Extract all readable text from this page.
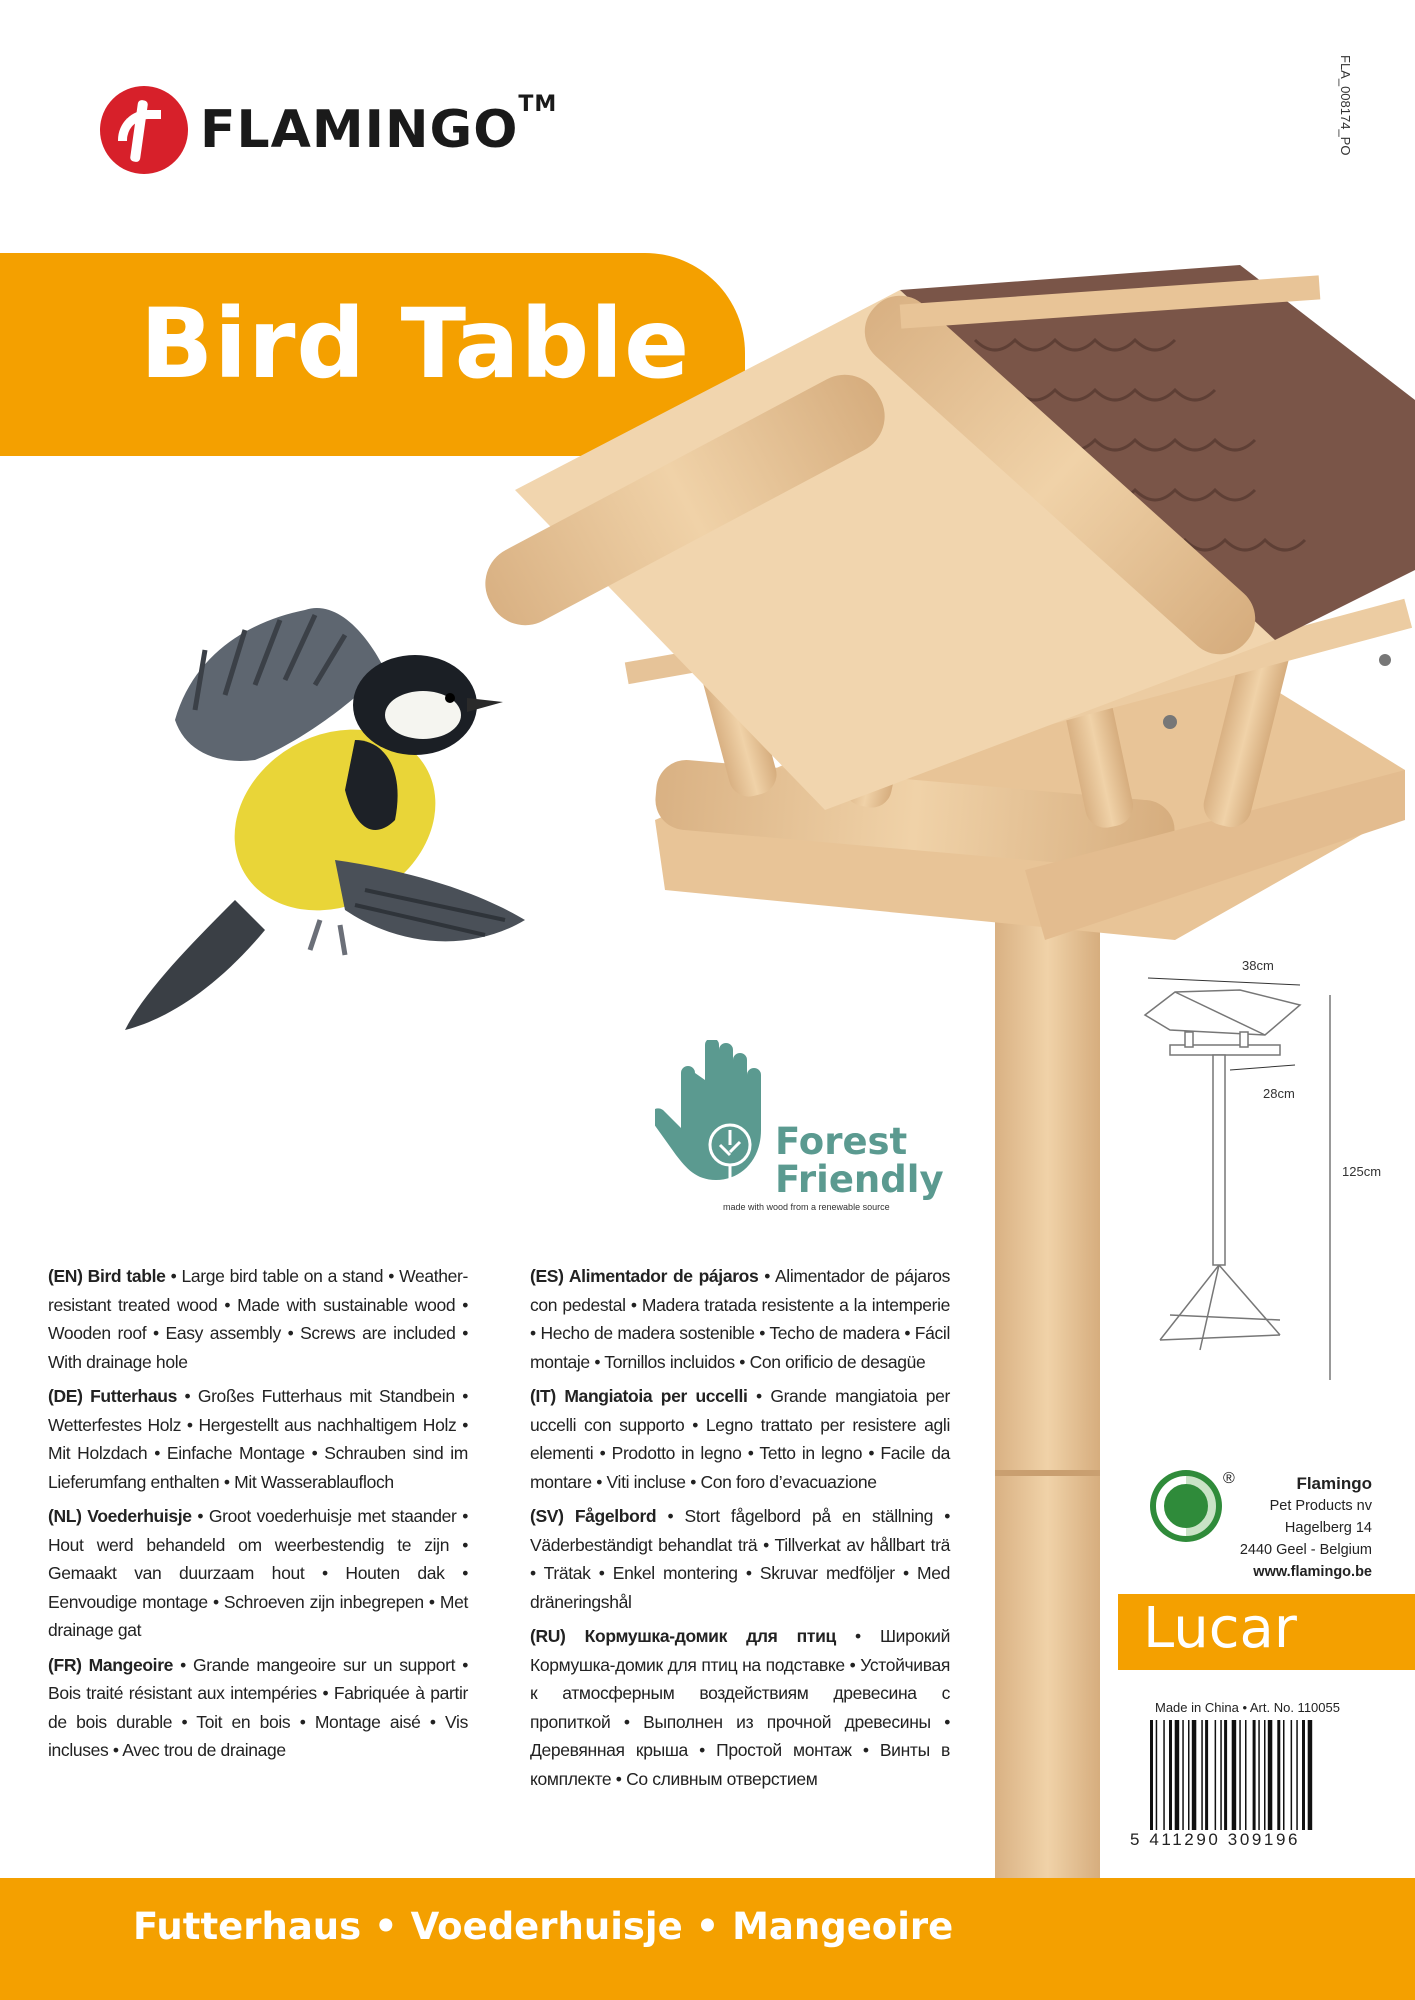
FLAMINGO™	FLA_008174_PO
Bird Table
Forest
Friendly
made with wood from a renewable source

(EN) Bird table • Large bird table on a stand • Weather-resistant treated wood • Made with sustainable wood • Wooden roof • Easy assembly • Screws are included • With drainage hole

(DE) Futterhaus • Großes Futterhaus mit Standbein • Wetterfestes Holz • Hergestellt aus nachhaltigem Holz • Mit Holzdach • Einfache Montage • Schrauben sind im Lieferumfang enthalten • Mit Wasserablaufloch

(NL) Voederhuisje • Groot voederhuisje met staander • Hout werd behandeld om weerbestendig te zijn • Gemaakt van duurzaam hout • Houten dak • Eenvoudige montage • Schroeven zijn inbegrepen • Met drainage gat

(FR) Mangeoire • Grande mangeoire sur un support • Bois traité résistant aux intempéries • Fabriquée à partir de bois durable • Toit en bois • Montage aisé • Vis incluses • Avec trou de drainage

(ES) Alimentador de pájaros • Alimentador de pájaros con pedestal • Madera tratada resistente a la intemperie • Hecho de madera sostenible • Techo de madera • Fácil montaje • Tornillos incluidos • Con orificio de desagüe

(IT) Mangiatoia per uccelli • Grande mangiatoia per uccelli con supporto • Legno trattato per resistere agli elementi • Prodotto in legno • Tetto in legno • Facile da montare • Viti incluse • Con foro d’evacuazione

(SV) Fågelbord • Stort fågelbord på en ställning • Väderbeständigt behandlat trä • Tillverkat av hållbart trä • Trätak • Enkel montering • Skruvar medföljer • Med dräneringshål

(RU) Кормушка-домик для птиц • Широкий Кормушка-домик для птиц на подставке • Устойчивая к атмосферным воздействиям древесина с пропиткой • Выполнен из прочной древесины • Деревянная крыша • Простой монтаж • Винты в комплекте • Со сливным отверстием

38cm
28cm
125cm
®	Flamingo
Pet Products nv
Hagelberg 14
2440 Geel - Belgium
www.flamingo.be
Lucar
Made in China • Art. No. 110055
5 411290 309196
Futterhaus • Voederhuisje • Mangeoire
